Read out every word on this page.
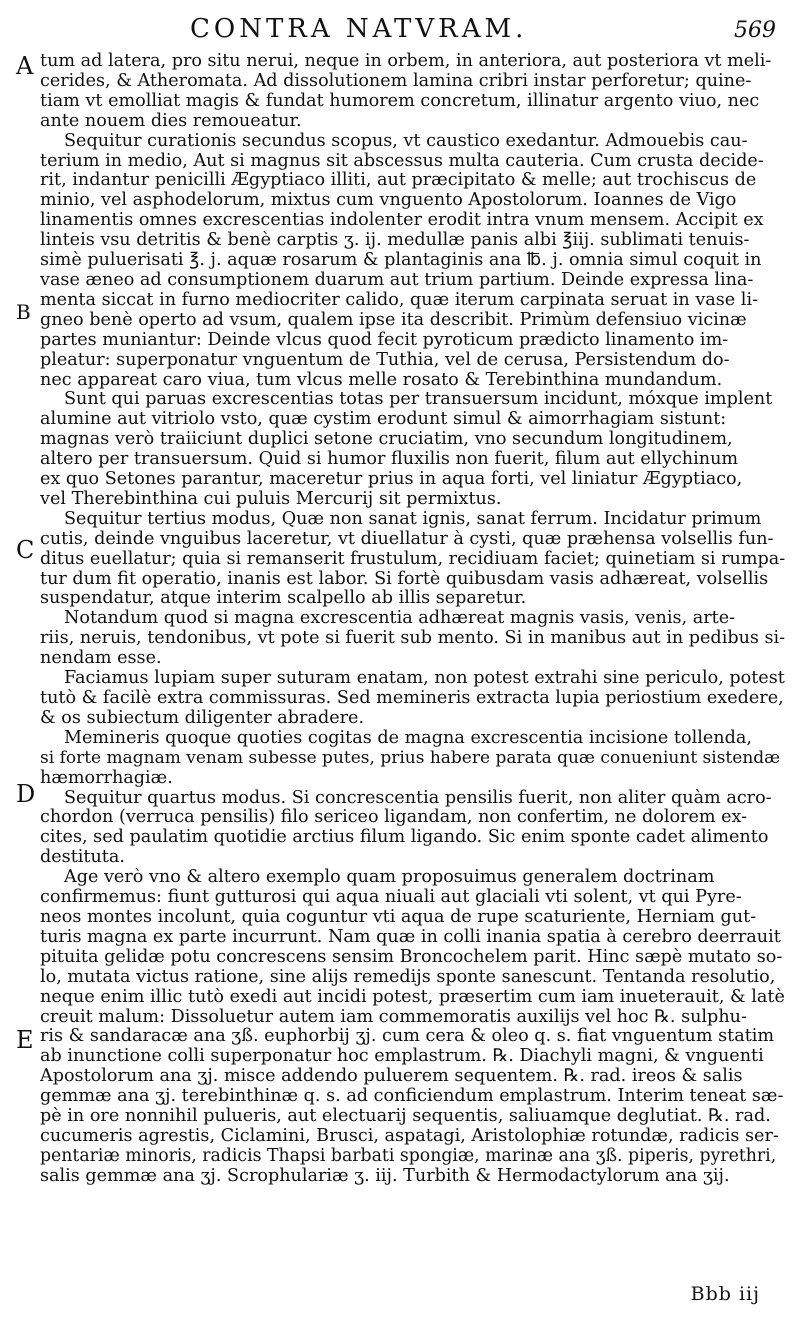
CONTRA NATVRAM.	569
A
B
C
D
E
tum ad latera, pro situ nerui, neque in orbem, in anteriora, aut posteriora vt meli-
cerides, & Atheromata. Ad dissolutionem lamina cribri instar perforetur; quine-
tiam vt emolliat magis & fundat humorem concretum, illinatur argento viuo, nec
ante nouem dies remoueatur.
Sequitur curationis secundus scopus, vt caustico exedantur. Admouebis cau-
terium in medio, Aut si magnus sit abscessus multa cauteria. Cum crusta decide-
rit, indantur penicilli Ægyptiaco illiti, aut præcipitato & melle; aut trochiscus de
minio, vel asphodelorum, mixtus cum vnguento Apostolorum. Ioannes de Vigo
linamentis omnes excrescentias indolenter erodit intra vnum mensem. Accipit ex
linteis vsu detritis & benè carptis ʒ. ij. medullæ panis albi ℥iij. sublimati tenuis-
simè puluerisati ℥. j. aquæ rosarum & plantaginis ana ℔. j. omnia simul coquit in
vase æneo ad consumptionem duarum aut trium partium. Deinde expressa lina-
menta siccat in furno mediocriter calido, quæ iterum carpinata seruat in vase li-
gneo benè operto ad vsum, qualem ipse ita describit. Primùm defensiuo vicinæ
partes muniantur: Deinde vlcus quod fecit pyroticum prædicto linamento im-
pleatur: superponatur vnguentum de Tuthia, vel de cerusa, Persistendum do-
nec appareat caro viua, tum vlcus melle rosato & Terebinthina mundandum.
Sunt qui paruas excrescentias totas per transuersum incidunt, móxque implent
alumine aut vitriolo vsto, quæ cystim erodunt simul & aimorrhagiam sistunt:
magnas verò traiiciunt duplici setone cruciatim, vno secundum longitudinem,
altero per transuersum. Quid si humor fluxilis non fuerit, filum aut ellychinum
ex quo Setones parantur, maceretur prius in aqua forti, vel liniatur Ægyptiaco,
vel Therebinthina cui puluis Mercurij sit permixtus.
Sequitur tertius modus, Quæ non sanat ignis, sanat ferrum. Incidatur primum
cutis, deinde vnguibus laceretur, vt diuellatur à cysti, quæ præhensa volsellis fun-
ditus euellatur; quia si remanserit frustulum, recidiuam faciet; quinetiam si rumpa-
tur dum fit operatio, inanis est labor. Si fortè quibusdam vasis adhæreat, volsellis
suspendatur, atque interim scalpello ab illis separetur.
Notandum quod si magna excrescentia adhæreat magnis vasis, venis, arte-
riis, neruis, tendonibus, vt pote si fuerit sub mento. Si in manibus aut in pedibus si-
nendam esse.
Faciamus lupiam super suturam enatam, non potest extrahi sine periculo, potest
tutò & facilè extra commissuras. Sed memineris extracta lupia periostium exedere,
& os subiectum diligenter abradere.
Memineris quoque quoties cogitas de magna excrescentia incisione tollenda,
si forte magnam venam subesse putes, prius habere parata quæ conueniunt sistendæ
hæmorrhagiæ.
Sequitur quartus modus. Si concrescentia pensilis fuerit, non aliter quàm acro-
chordon (verruca pensilis) filo sericeo ligandam, non confertim, ne dolorem ex-
cites, sed paulatim quotidie arctius filum ligando. Sic enim sponte cadet alimento
destituta.
Age verò vno & altero exemplo quam proposuimus generalem doctrinam
confirmemus: fiunt gutturosi qui aqua niuali aut glaciali vti solent, vt qui Pyre-
neos montes incolunt, quia coguntur vti aqua de rupe scaturiente, Herniam gut-
turis magna ex parte incurrunt. Nam quæ in colli inania spatia à cerebro deerrauit
pituita gelidæ potu concrescens sensim Broncochelem parit. Hinc sæpè mutato so-
lo, mutata victus ratione, sine alijs remedijs sponte sanescunt. Tentanda resolutio,
neque enim illic tutò exedi aut incidi potest, præsertim cum iam inueterauit, & latè
creuit malum: Dissoluetur autem iam commemoratis auxilijs vel hoc ℞. sulphu-
ris & sandaracæ ana ʒß. euphorbij ʒj. cum cera & oleo q. s. fiat vnguentum statim
ab inunctione colli superponatur hoc emplastrum. ℞. Diachyli magni, & vnguenti
Apostolorum ana ʒj. misce addendo puluerem sequentem. ℞. rad. ireos & salis
gemmæ ana ʒj. terebinthinæ q. s. ad conficiendum emplastrum. Interim teneat sæ-
pè in ore nonnihil pulueris, aut electuarij sequentis, saliuamque deglutiat. ℞. rad.
cucumeris agrestis, Ciclamini, Brusci, aspatagi, Aristolophiæ rotundæ, radicis ser-
pentariæ minoris, radicis Thapsi barbati spongiæ, marinæ ana ʒß. piperis, pyrethri,
salis gemmæ ana ʒj. Scrophulariæ ʒ. iij. Turbith & Hermodactylorum ana ʒij.
Bbb iij
